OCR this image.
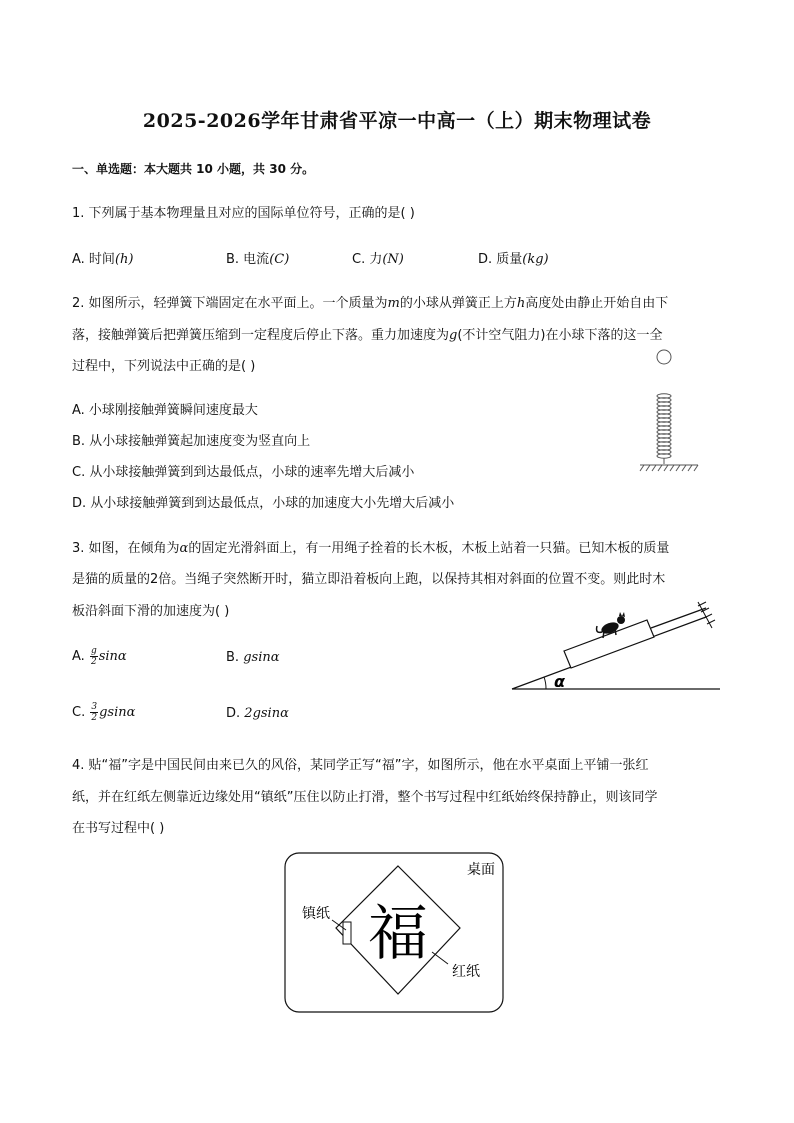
2025-2026学年甘肃省平凉一中高一（上）期末物理试卷
一、单选题：本大题共 10 小题，共 30 分。
1. 下列属于基本物理量且对应的国际单位符号，正确的是( )
A. 时间(h)	B. 电流(C)	C. 力(N)	D. 质量(kg)
2. 如图所示，轻弹簧下端固定在水平面上。一个质量为m的小球从弹簧正上方h高度处由静止开始自由下
落，接触弹簧后把弹簧压缩到一定程度后停止下落。重力加速度为g(不计空气阻力)在小球下落的这一全
过程中，下列说法中正确的是( )
A. 小球刚接触弹簧瞬间速度最大
B. 从小球接触弹簧起加速度变为竖直向上
C. 从小球接触弹簧到到达最低点，小球的速率先增大后减小
D. 从小球接触弹簧到到达最低点，小球的加速度大小先增大后减小
3. 如图，在倾角为α的固定光滑斜面上，有一用绳子拴着的长木板，木板上站着一只猫。已知木板的质量
是猫的质量的2倍。当绳子突然断开时，猫立即沿着板向上跑，以保持其相对斜面的位置不变。则此时木
板沿斜面下滑的加速度为( )
A. $\frac{g}{2}$ sinα	B. gsinα
C. $\frac{3}{2}$ gsinα	D. 2gsinα
α
4. 贴“福”字是中国民间由来已久的风俗，某同学正写“福”字，如图所示，他在水平桌面上平铺一张红
纸，并在红纸左侧靠近边缘处用“镇纸”压住以防止打滑，整个书写过程中红纸始终保持静止，则该同学
在书写过程中( )
福
桌面
镇纸
红纸
